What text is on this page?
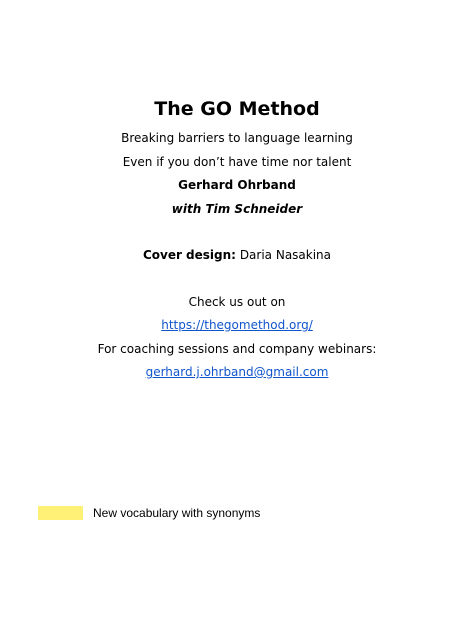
The GO Method
Breaking barriers to language learning
Even if you don’t have time nor talent
Gerhard Ohrband
with Tim Schneider
Cover design: Daria Nasakina
Check us out on
https://thegomethod.org/
For coaching sessions and company webinars:
gerhard.j.ohrband@gmail.com
New vocabulary with synonyms
